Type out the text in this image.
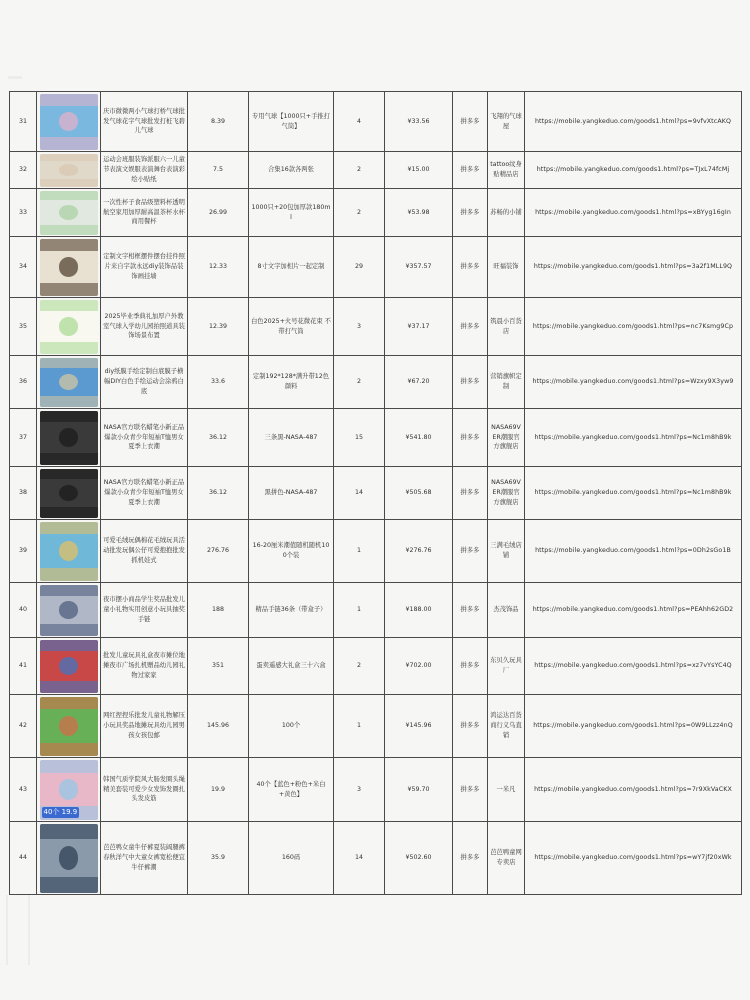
31		庆市微微两小气球打桥气球批发气球花字气球批发打桩飞碧儿气球	8.39	专用气球【1000只+手推打气筒】	4	¥33.56	拼多多	飞翔的气球屋	https://mobile.yangkeduo.com/goods1.html?ps=9vfvXtcAKQ
32		运动会班服装饰派服六一儿童节表演文娱服表演舞台表演彩绘小贴纸	7.5	合集16款各两张	2	¥15.00	拼多多	tattoo纹身贴精品店	https://mobile.yangkeduo.com/goods1.html?ps=TJxL74fcMj
33		一次性杯子食品级塑料杯透明航空家用加厚耐高温茶杯水杯商用餐杯	26.99	1000只+20包加厚款180ml	2	¥53.98	拼多多	苏畅的小铺	https://mobile.yangkeduo.com/goods1.html?ps=xBYyg16gIn
34		定制文字相框摆件摆台挂件照片来自字款永远diy装饰品装饰画挂墙	12.33	8寸文字加相片一起定制	29	¥357.57	拼多多	旺福装饰	https://mobile.yangkeduo.com/goods1.html?ps=3a2f1MLL9Q
35		2025毕业季典礼加厚户外教室气球入学幼儿园拍照道具装饰场景布置	12.39	白色2025+火号花微花束 不带打气筒	3	¥37.17	拼多多	筑晨小百货店	https://mobile.yangkeduo.com/goods1.html?ps=nc7Ksmg9Cp
36		diy纸膜手绘定制白底膜子横幅DIY白色手绘运动会涂鸦白底	33.6	定制192*128*满升带12色颜料	2	¥67.20	拼多多	营销旗帜定制	https://mobile.yangkeduo.com/goods1.html?ps=Wzxy9X3yw9
37		NASA官方联名蜡笔小新正品爆款小众青少年短袖T恤男女夏季上衣潮	36.12	三条黑-NASA-487	15	¥541.80	拼多多	NASA69VER潮服官方旗舰店	https://mobile.yangkeduo.com/goods1.html?ps=Nc1m8hB9k
38		NASA官方联名蜡笔小新正品爆款小众青少年短袖T恤男女夏季上衣潮	36.12	黑拼色-NASA-487	14	¥505.68	拼多多	NASA69VER潮服官方旗舰店	https://mobile.yangkeduo.com/goods1.html?ps=Nc1m8hB9k
39		可爱毛绒玩偶棉花毛绒玩具活动批发玩偶公仔可爱抱抱批发抓机娃式	276.76	16-20厘米潮值随机随机100个装	1	¥276.76	拼多多	三满毛绒店铺	https://mobile.yangkeduo.com/goods1.html?ps=0Dh2sGo1B
40		夜市摆小商品学生奖品批发儿童小礼物实用创意小玩具抽奖手链	188	精品手链36条（带盒子）	1	¥188.00	拼多多	杰茂饰品	https://mobile.yangkeduo.com/goods1.html?ps=PEAhh62GD2
41		批发儿童玩具礼盒夜市摊位地摊夜市广场扎机赠品幼儿园礼物过家家	351	蛋卖遥感大礼盒三十六盒	2	¥702.00	拼多多	东贝久玩具厂	https://mobile.yangkeduo.com/goods1.html?ps=xz7vYsYC4Q
42		网红捏捏乐批发儿童礼物解压小玩具奖品地摊玩具幼儿园男孩女孩包邮	145.96	100个	1	¥145.96	拼多多	鸿运达百货商行义乌直销	https://mobile.yangkeduo.com/goods1.html?ps=0W9LLzz4nQ
43	40个 19.9	韩国气质学院风大肠发圈头绳精美套装可爱少女发饰发圈扎头发皮筋	19.9	40个【蓝色+粉色+米白+黄色】	3	¥59.70	拼多多	一米凡	https://mobile.yangkeduo.com/goods1.html?ps=7r9XkVaCKX
44		芭芭鸭女童牛仔裤夏装阔腿裤春秋洋气中大童女裤宽松便宜牛仔裤潮	35.9	160码	14	¥502.60	拼多多	芭芭鸭童网专卖店	https://mobile.yangkeduo.com/goods1.html?ps=wY7jf20xWk
